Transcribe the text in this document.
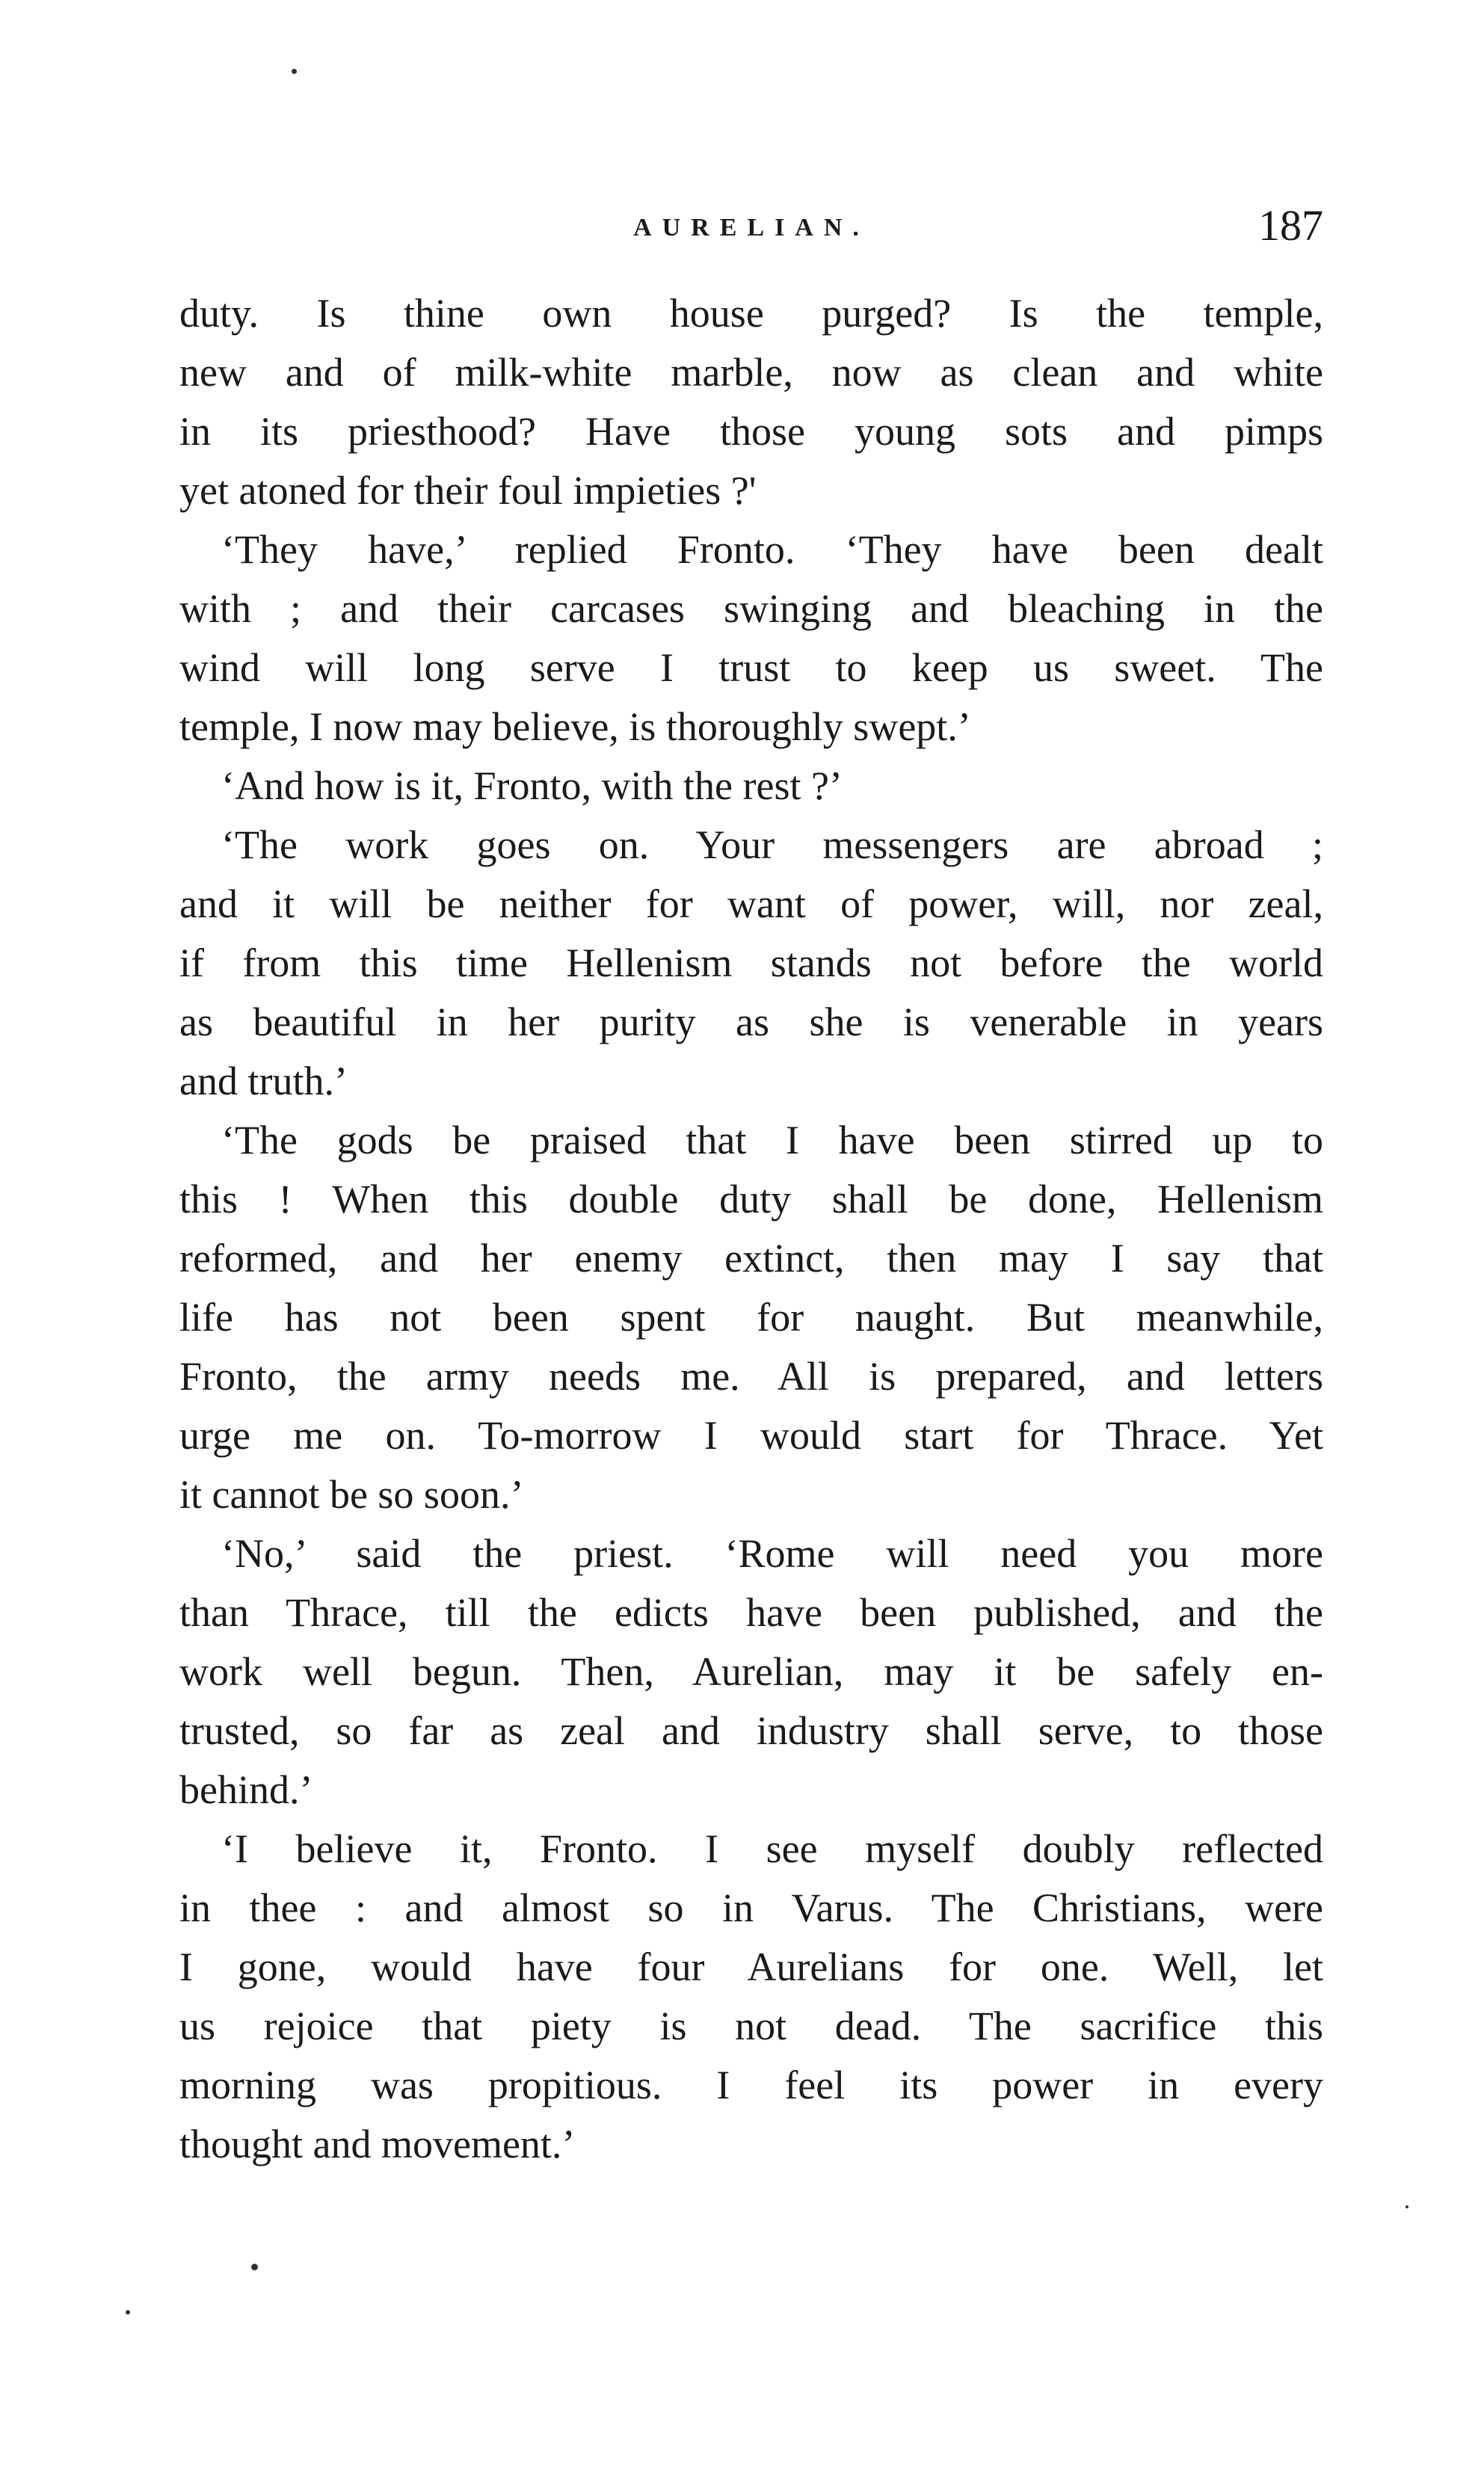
AURELIAN.	187
duty. Is thine own house purged? Is the temple,
new and of milk-white marble, now as clean and white
in its priesthood? Have those young sots and pimps
yet atoned for their foul impieties ?'
‘They have,’ replied Fronto. ‘They have been dealt
with ; and their carcases swinging and bleaching in the
wind will long serve I trust to keep us sweet. The
temple, I now may believe, is thoroughly swept.’
‘And how is it, Fronto, with the rest ?’
‘The work goes on. Your messengers are abroad ;
and it will be neither for want of power, will, nor zeal,
if from this time Hellenism stands not before the world
as beautiful in her purity as she is venerable in years
and truth.’
‘The gods be praised that I have been stirred up to
this ! When this double duty shall be done, Hellenism
reformed, and her enemy extinct, then may I say that
life has not been spent for naught. But meanwhile,
Fronto, the army needs me. All is prepared, and letters
urge me on. To-morrow I would start for Thrace. Yet
it cannot be so soon.’
‘No,’ said the priest. ‘Rome will need you more
than Thrace, till the edicts have been published, and the
work well begun. Then, Aurelian, may it be safely en-
trusted, so far as zeal and industry shall serve, to those
behind.’
‘I believe it, Fronto. I see myself doubly reflected
in thee : and almost so in Varus. The Christians, were
I gone, would have four Aurelians for one. Well, let
us rejoice that piety is not dead. The sacrifice this
morning was propitious. I feel its power in every
thought and movement.’
